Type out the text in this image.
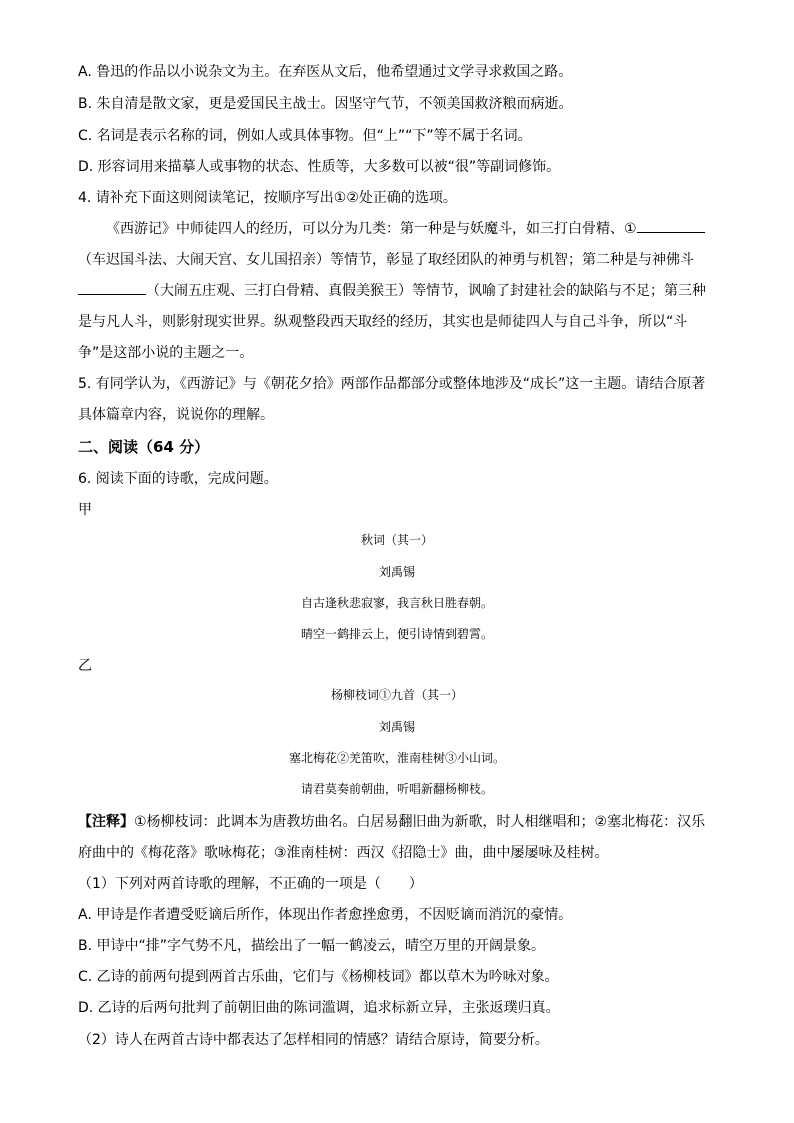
A. 鲁迅的作品以小说杂文为主。在弃医从文后，他希望通过文学寻求救国之路。
B. 朱自清是散文家，更是爱国民主战士。因坚守气节，不领美国救济粮而病逝。
C. 名词是表示名称的词，例如人或具体事物。但“上”“下”等不属于名词。
D. 形容词用来描摹人或事物的状态、性质等，大多数可以被“很”等副词修饰。
4. 请补充下面这则阅读笔记，按顺序写出①②处正确的选项。
《西游记》中师徒四人的经历，可以分为几类：第一种是与妖魔斗，如三打白骨精、①
（车迟国斗法、大闹天宫、女儿国招亲）等情节，彰显了取经团队的神勇与机智；第二种是与神佛斗
（大闹五庄观、三打白骨精、真假美猴王）等情节，讽喻了封建社会的缺陷与不足；第三种
是与凡人斗，则影射现实世界。纵观整段西天取经的经历，其实也是师徒四人与自己斗争，所以“斗
争”是这部小说的主题之一。
5. 有同学认为，《西游记》与《朝花夕拾》两部作品都部分或整体地涉及“成长”这一主题。请结合原著
具体篇章内容，说说你的理解。
二、阅读（64 分）
6. 阅读下面的诗歌，完成问题。
甲
秋词（其一）
刘禹锡
自古逢秋悲寂寥，我言秋日胜春朝。
晴空一鹤排云上，便引诗情到碧霄。
乙
杨柳枝词①九首（其一）
刘禹锡
塞北梅花②羌笛吹，淮南桂树③小山词。
请君莫奏前朝曲，听唱新翻杨柳枝。
【注释】①杨柳枝词：此调本为唐教坊曲名。白居易翻旧曲为新歌，时人相继唱和；②塞北梅花：汉乐
府曲中的《梅花落》歌咏梅花；③淮南桂树：西汉《招隐士》曲，曲中屡屡咏及桂树。
（1）下列对两首诗歌的理解，不正确的一项是（　　）
A. 甲诗是作者遭受贬谪后所作，体现出作者愈挫愈勇，不因贬谪而消沉的豪情。
B. 甲诗中“排”字气势不凡，描绘出了一幅一鹤凌云，晴空万里的开阔景象。
C. 乙诗的前两句提到两首古乐曲，它们与《杨柳枝词》都以草木为吟咏对象。
D. 乙诗的后两句批判了前朝旧曲的陈词滥调，追求标新立异，主张返璞归真。
（2）诗人在两首古诗中都表达了怎样相同的情感？请结合原诗，简要分析。
